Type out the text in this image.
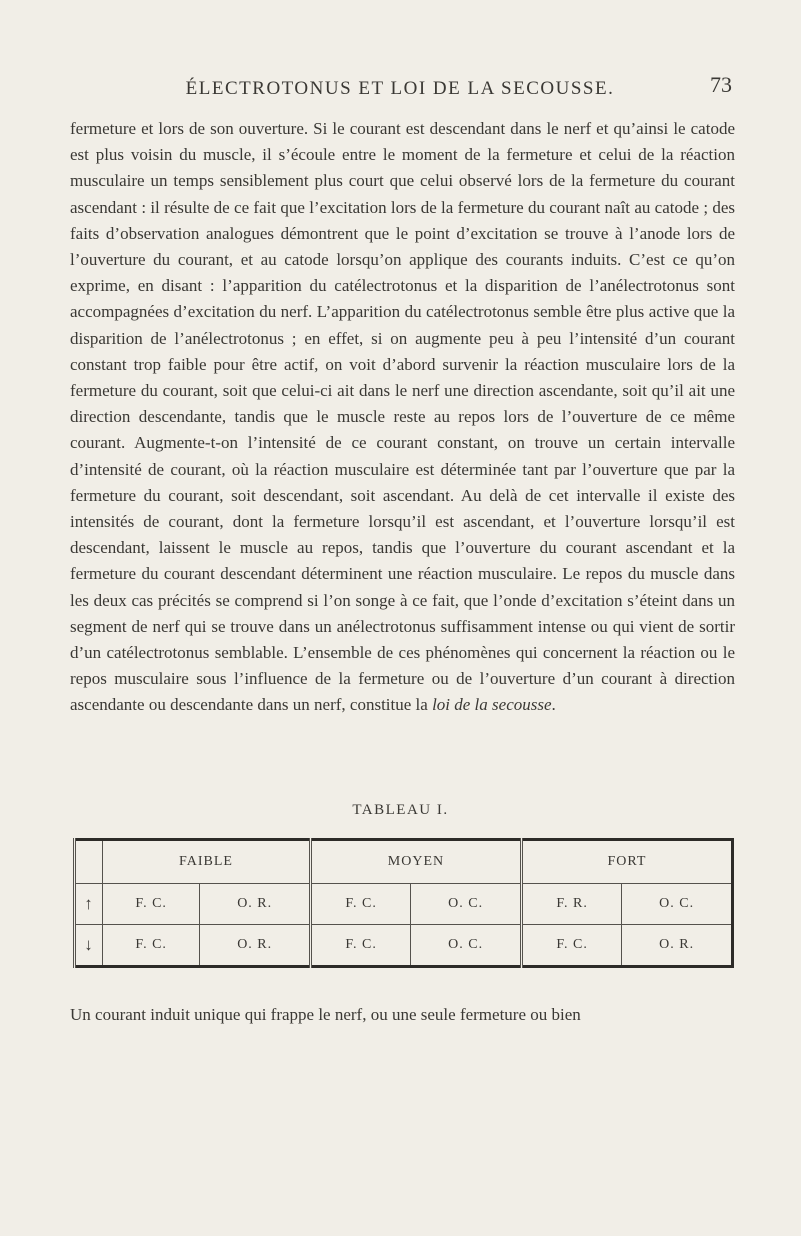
ÉLECTROTONUS ET LOI DE LA SECOUSSE.	73

fermeture et lors de son ouverture. Si le courant est descendant dans le nerf et qu’ainsi le catode est plus voisin du muscle, il s’écoule entre le moment de la fermeture et celui de la réaction musculaire un temps sensiblement plus court que celui observé lors de la fermeture du courant ascendant : il résulte de ce fait que l’excitation lors de la fermeture du courant naît au catode ; des faits d’observation analogues démontrent que le point d’excitation se trouve à l’anode lors de l’ouverture du courant, et au catode lorsqu’on applique des courants induits. C’est ce qu’on exprime, en disant : l’apparition du catélectrotonus et la disparition de l’anélectrotonus sont accompagnées d’excitation du nerf. L’apparition du catélectrotonus semble être plus active que la disparition de l’anélectrotonus ; en effet, si on augmente peu à peu l’intensité d’un courant constant trop faible pour être actif, on voit d’abord survenir la réaction musculaire lors de la fermeture du courant, soit que celui-ci ait dans le nerf une direction ascendante, soit qu’il ait une direction descendante, tandis que le muscle reste au repos lors de l’ouverture de ce même courant. Augmente-t-on l’intensité de ce courant constant, on trouve un certain intervalle d’intensité de courant, où la réaction musculaire est déterminée tant par l’ouverture que par la fermeture du courant, soit descendant, soit ascendant. Au delà de cet intervalle il existe des intensités de courant, dont la fermeture lorsqu’il est ascendant, et l’ouverture lorsqu’il est descendant, laissent le muscle au repos, tandis que l’ouverture du courant ascendant et la fermeture du courant descendant déterminent une réaction musculaire. Le repos du muscle dans les deux cas précités se comprend si l’on songe à ce fait, que l’onde d’excitation s’éteint dans un segment de nerf qui se trouve dans un anélectrotonus suffisamment intense ou qui vient de sortir d’un catélectrotonus semblable. L’ensemble de ces phénomènes qui concernent la réaction ou le repos musculaire sous l’influence de la fermeture ou de l’ouverture d’un courant à direction ascendante ou descendante dans un nerf, constitue la loi de la secousse.

TABLEAU I.
	FAIBLE		MOYEN		FORT	
↑	F. C.	O. R.	F. C.	O. C.	F. R.	O. C.
↓	F. C.	O. R.	F. C.	O. C.	F. C.	O. R.
Un courant induit unique qui frappe le nerf, ou une seule fermeture ou bien
